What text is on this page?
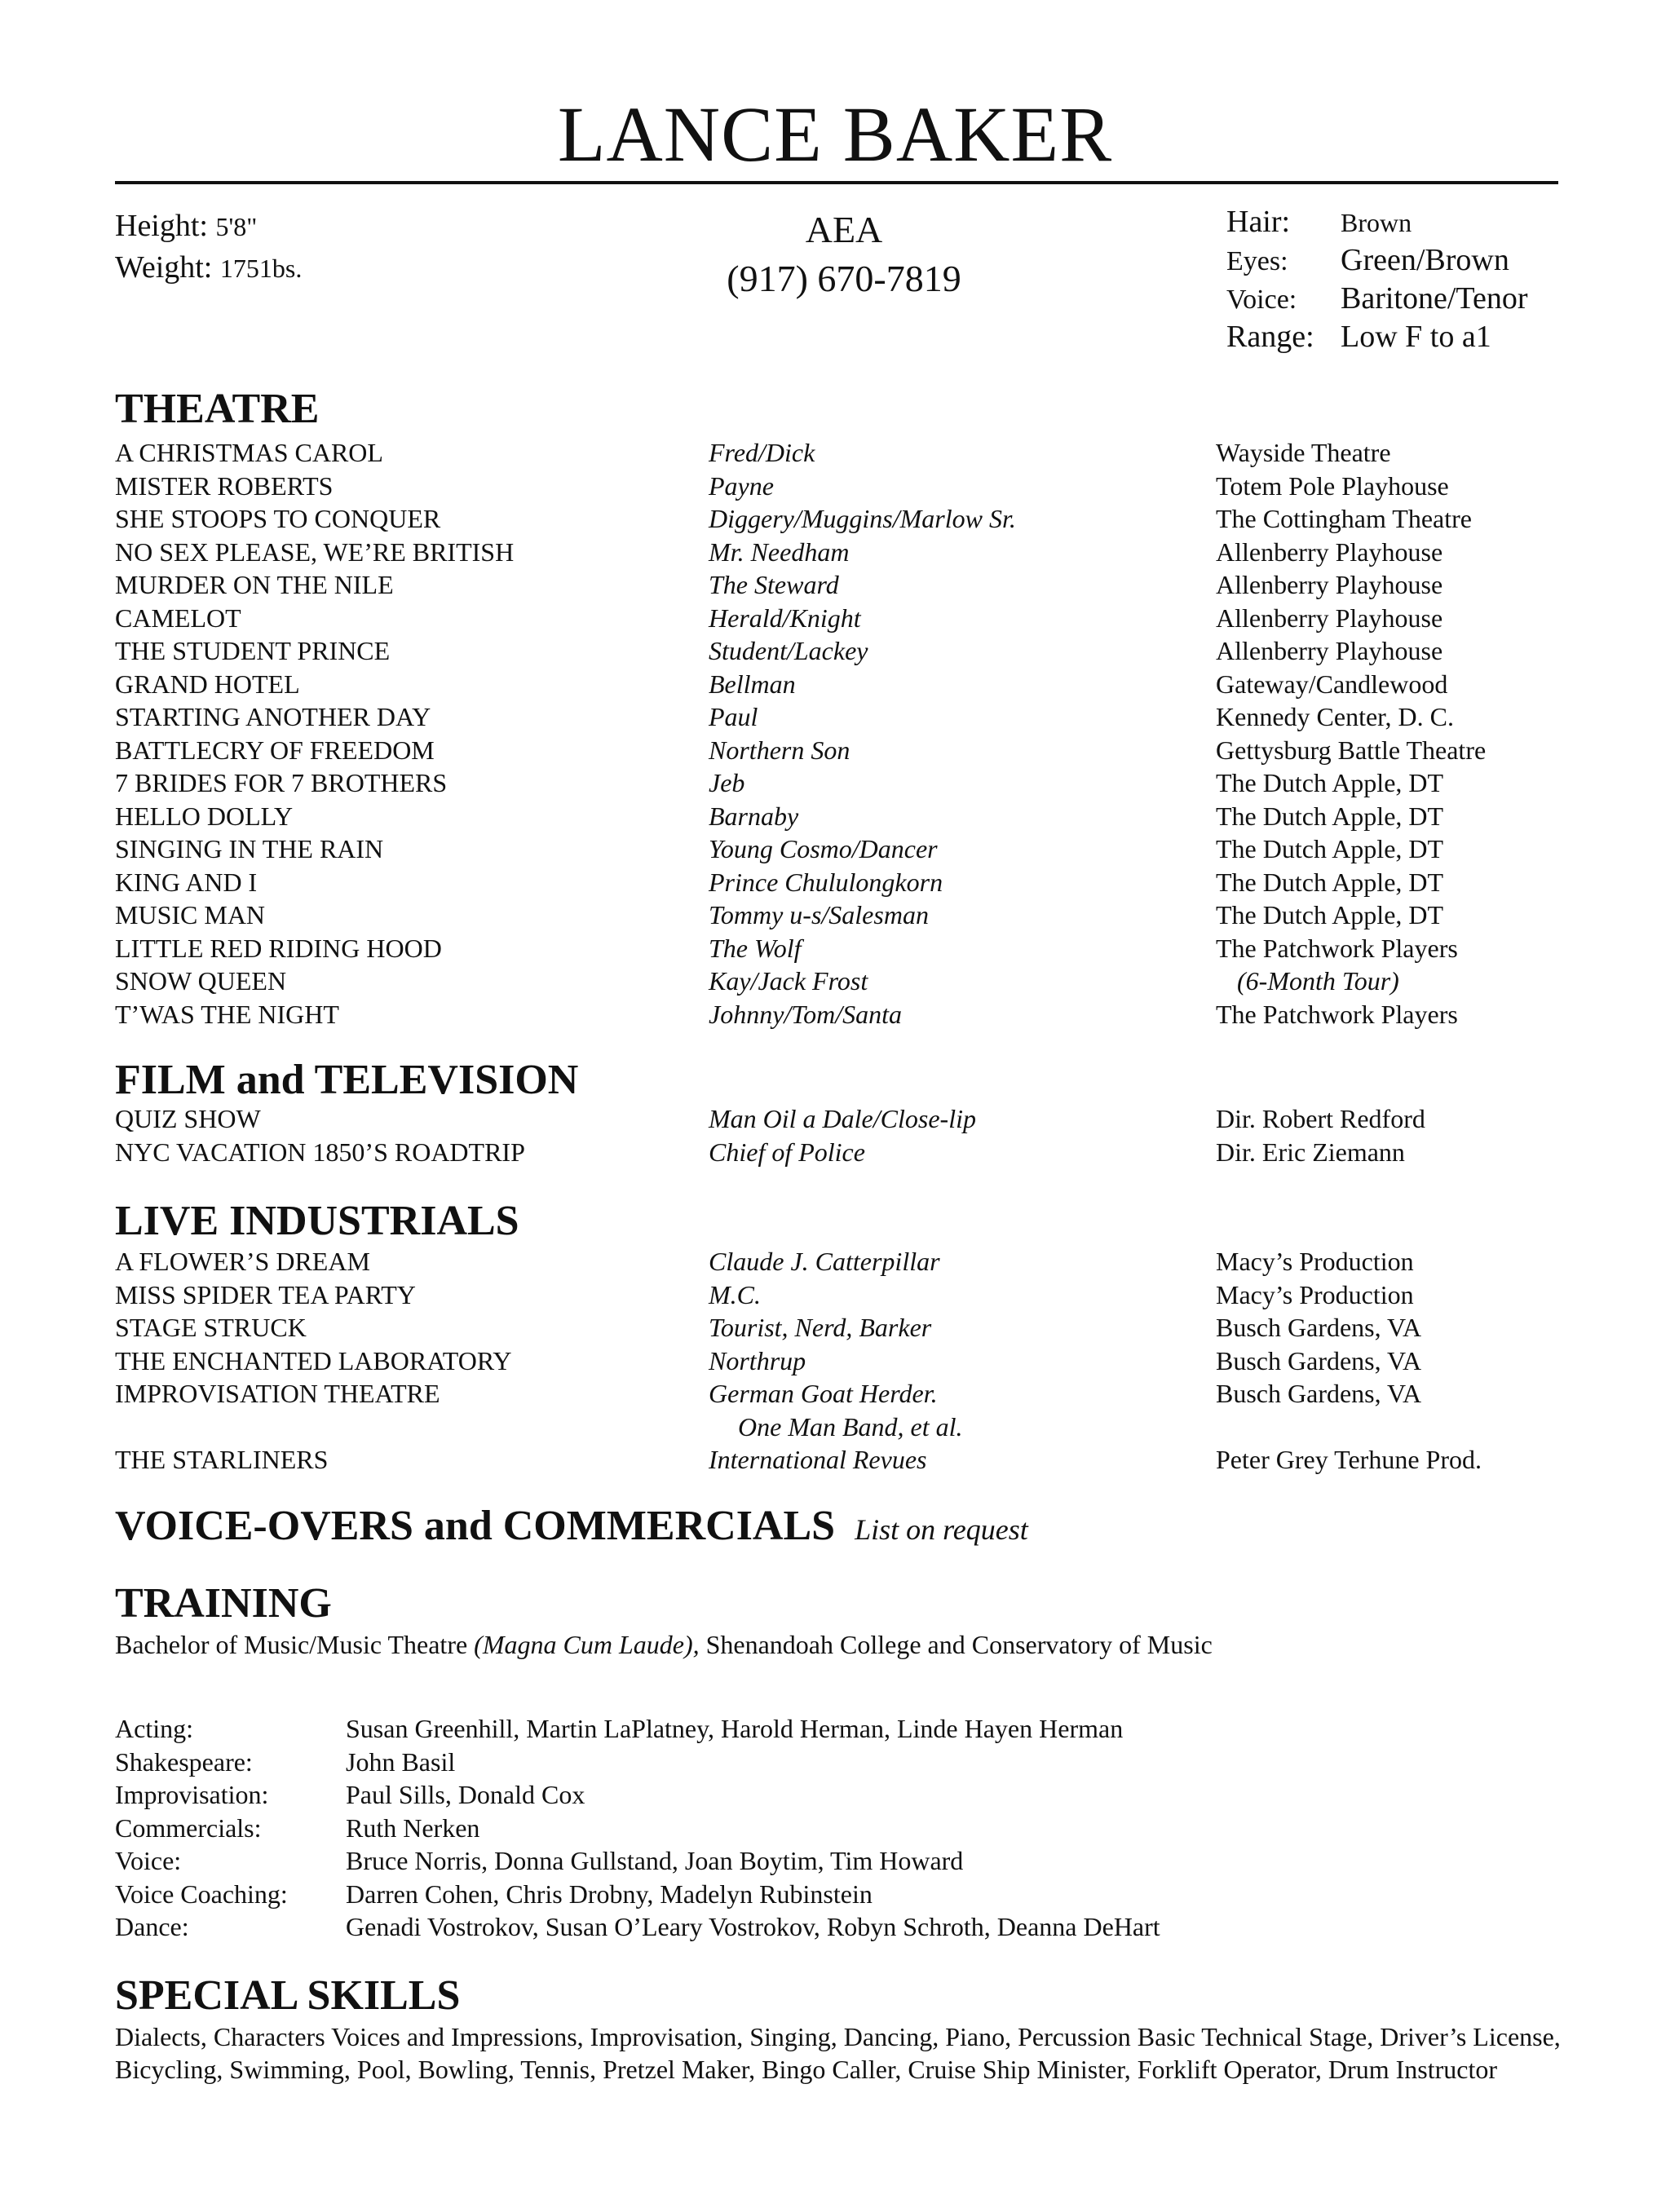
LANCE BAKER
Height: 5'8"
Weight: 1751bs.
AEA
(917) 670-7819
Hair:	Brown
Eyes:	Green/Brown
Voice:	Baritone/Tenor
Range: Low F to a1
THEATRE
A CHRISTMAS CAROL	Fred/Dick	Wayside Theatre
MISTER ROBERTS	Payne	Totem Pole Playhouse
SHE STOOPS TO CONQUER	Diggery/Muggins/Marlow Sr.	The Cottingham Theatre
NO SEX PLEASE, WE’RE BRITISH	Mr. Needham	Allenberry Playhouse
MURDER ON THE NILE	The Steward	Allenberry Playhouse
CAMELOT	Herald/Knight	Allenberry Playhouse
THE STUDENT PRINCE	Student/Lackey	Allenberry Playhouse
GRAND HOTEL	Bellman	Gateway/Candlewood
STARTING ANOTHER DAY	Paul	Kennedy Center, D. C.
BATTLECRY OF FREEDOM	Northern Son	Gettysburg Battle Theatre
7 BRIDES FOR 7 BROTHERS	Jeb	The Dutch Apple, DT
HELLO DOLLY	Barnaby	The Dutch Apple, DT
SINGING IN THE RAIN	Young Cosmo/Dancer	The Dutch Apple, DT
KING AND I	Prince Chululongkorn	The Dutch Apple, DT
MUSIC MAN	Tommy u-s/Salesman	The Dutch Apple, DT
LITTLE RED RIDING HOOD	The Wolf	The Patchwork Players
SNOW QUEEN	Kay/Jack Frost	(6-Month Tour)
T’WAS THE NIGHT	Johnny/Tom/Santa	The Patchwork Players
FILM and TELEVISION
QUIZ SHOW	Man Oil a Dale/Close-lip	Dir. Robert Redford
NYC VACATION 1850’S ROADTRIP	Chief of Police	Dir. Eric Ziemann
LIVE INDUSTRIALS
A FLOWER’S DREAM	Claude J. Catterpillar	Macy’s Production
MISS SPIDER TEA PARTY	M.C.	Macy’s Production
STAGE STRUCK	Tourist, Nerd, Barker	Busch Gardens, VA
THE ENCHANTED LABORATORY	Northrup	Busch Gardens, VA
IMPROVISATION THEATRE	German Goat Herder.	Busch Gardens, VA
One Man Band, et al.
THE STARLINERS	International Revues	Peter Grey Terhune Prod.
VOICE-OVERS and COMMERCIALS List on request
TRAINING
Bachelor of Music/Music Theatre (Magna Cum Laude), Shenandoah College and Conservatory of Music
Acting:	Susan Greenhill, Martin LaPlatney, Harold Herman, Linde Hayen Herman
Shakespeare:	John Basil
Improvisation:	Paul Sills, Donald Cox
Commercials:	Ruth Nerken
Voice:	Bruce Norris, Donna Gullstand, Joan Boytim, Tim Howard
Voice Coaching: Darren Cohen, Chris Drobny, Madelyn Rubinstein
Dance:	Genadi Vostrokov, Susan O’Leary Vostrokov, Robyn Schroth, Deanna DeHart
SPECIAL SKILLS
Dialects, Characters Voices and Impressions, Improvisation, Singing, Dancing, Piano, Percussion Basic Technical Stage, Driver’s License, Bicycling, Swimming, Pool, Bowling, Tennis, Pretzel Maker, Bingo Caller, Cruise Ship Minister, Forklift Operator, Drum Instructor
